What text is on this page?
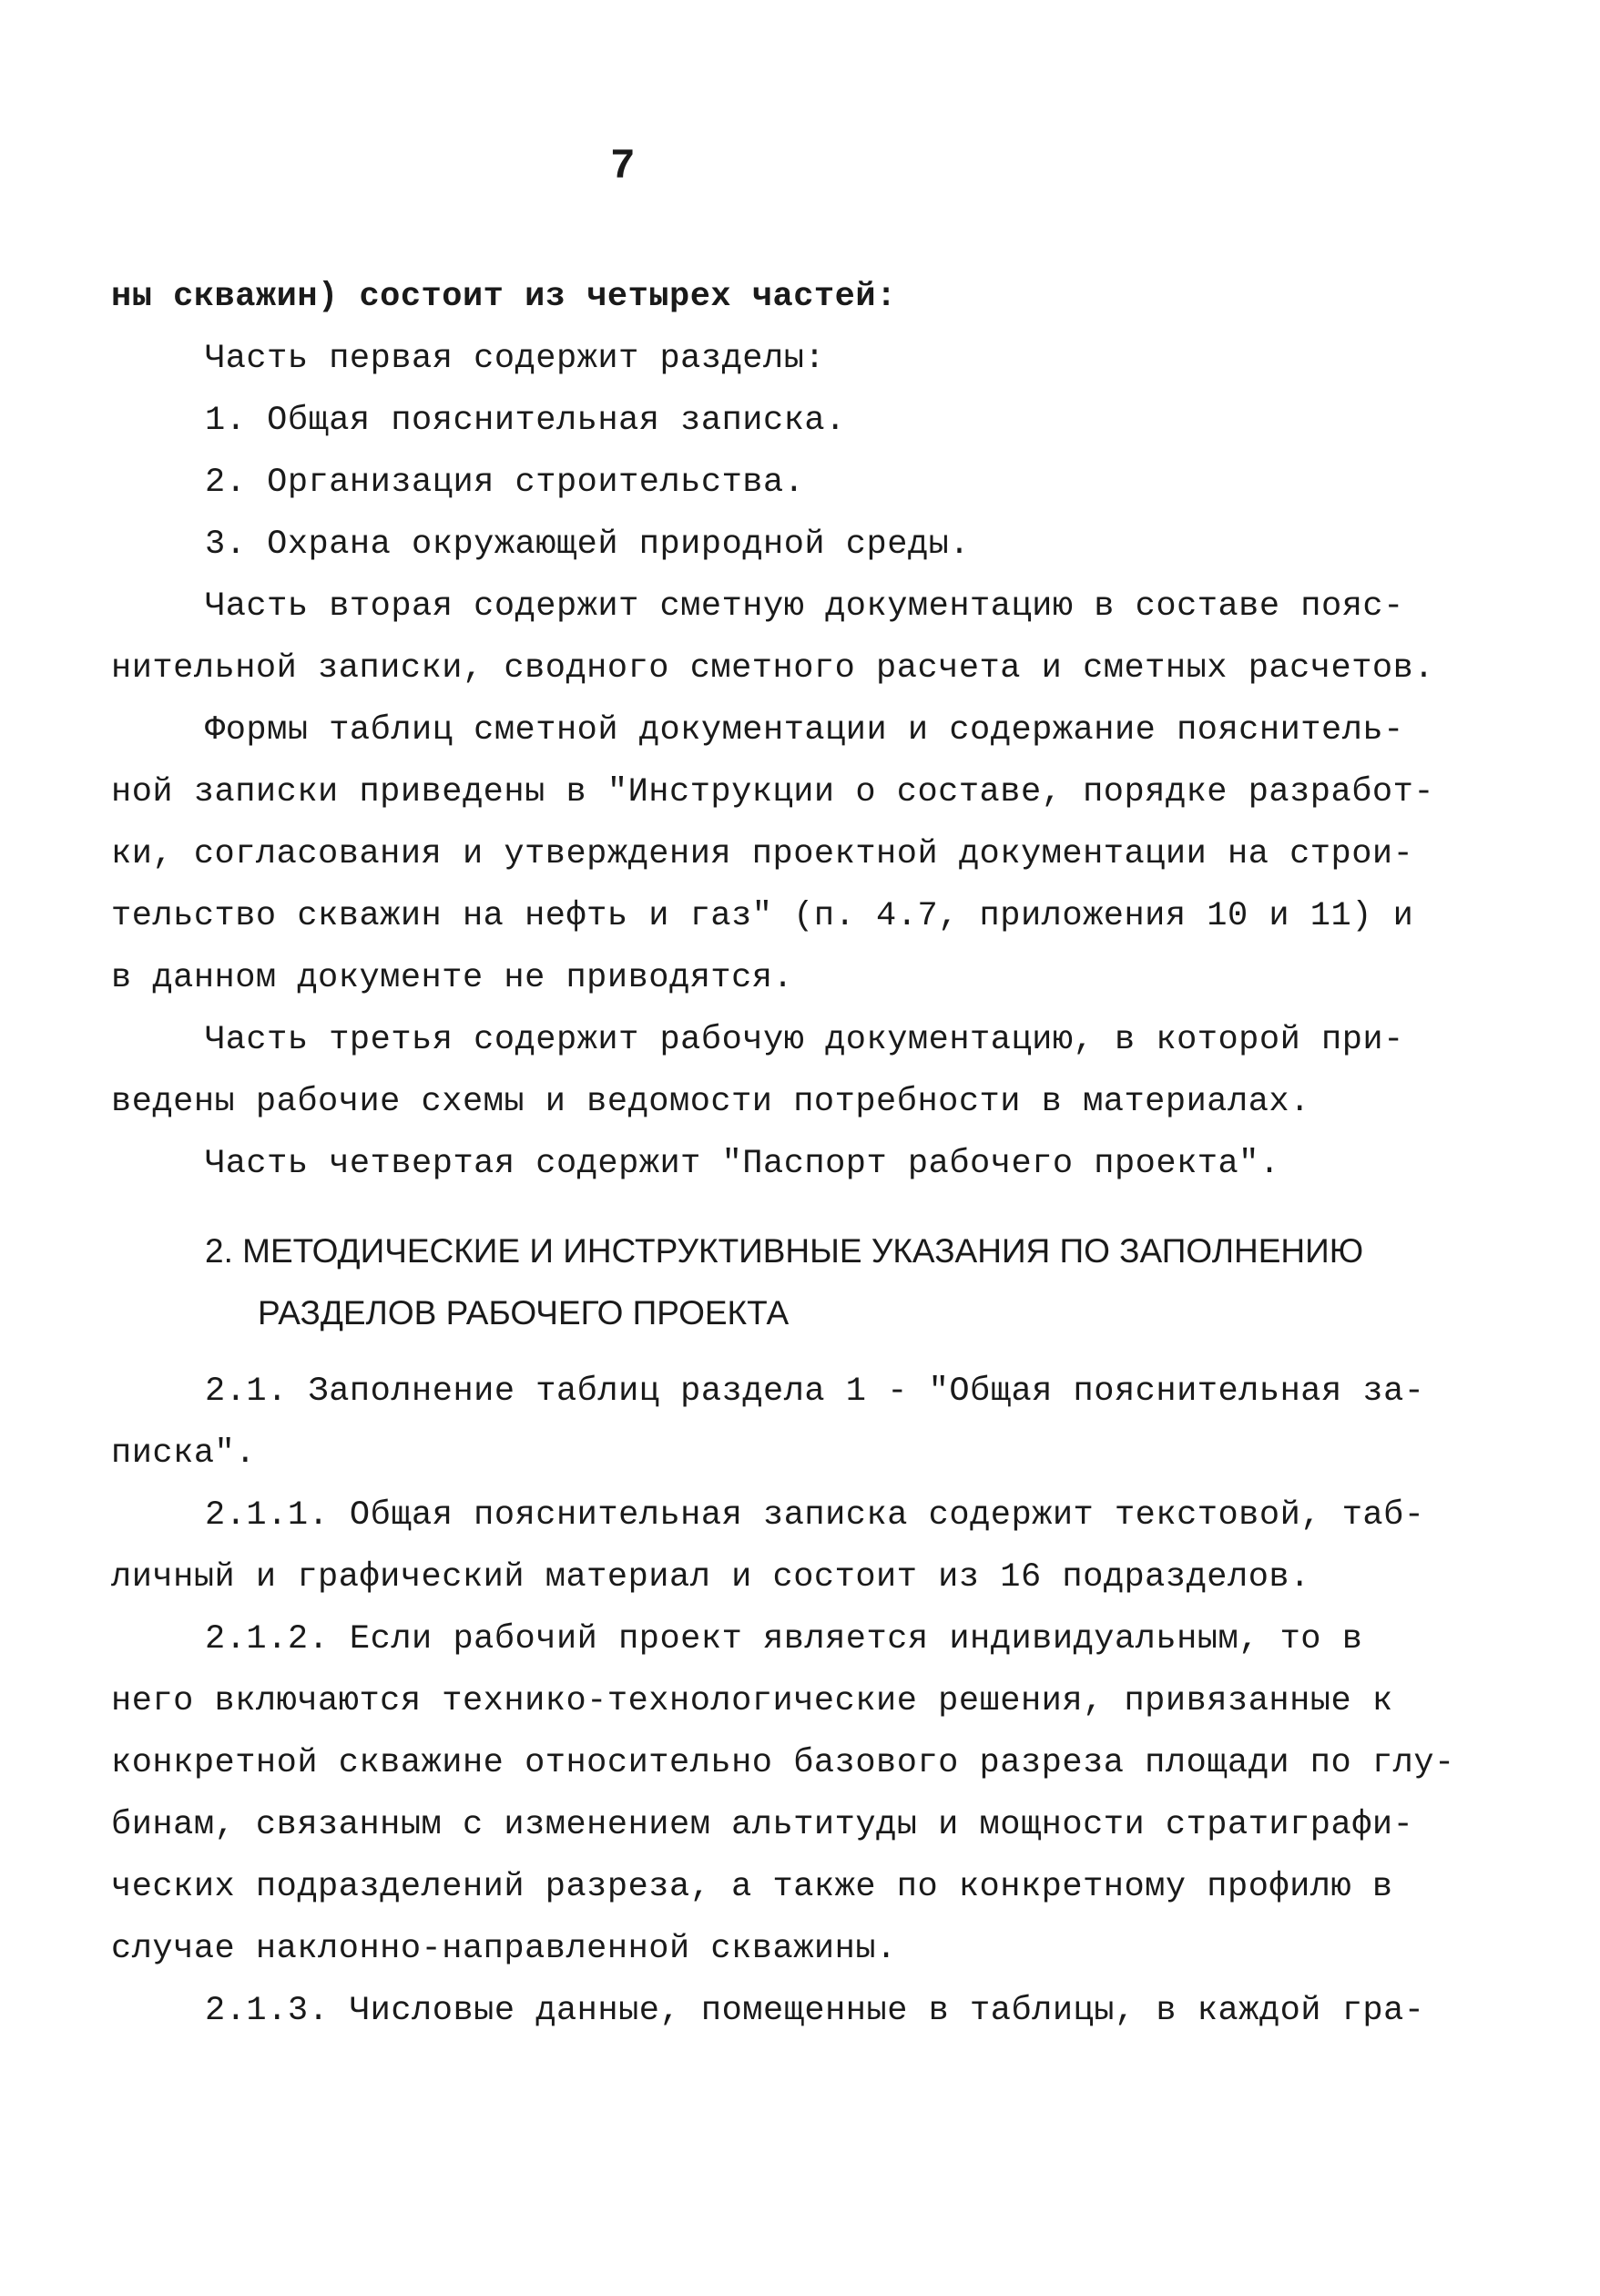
7
ны скважин) состоит из четырех частей:
Часть первая содержит разделы:
1. Общая пояснительная записка.
2. Организация строительства.
3. Охрана окружающей природной среды.
Часть вторая содержит сметную документацию в составе пояс-
нительной записки, сводного сметного расчета и сметных расчетов.
Формы таблиц сметной документации и содержание пояснитель-
ной записки приведены в "Инструкции о составе, порядке разработ-
ки, согласования и утверждения проектной документации на строи-
тельство скважин на нефть и газ" (п. 4.7, приложения 10 и 11) и
в данном документе не приводятся.
Часть третья содержит рабочую документацию, в которой при-
ведены рабочие схемы и ведомости потребности в материалах.
Часть четвертая содержит "Паспорт рабочего проекта".
2. МЕТОДИЧЕСКИЕ И ИНСТРУКТИВНЫЕ УКАЗАНИЯ ПО ЗАПОЛНЕНИЮ
РАЗДЕЛОВ РАБОЧЕГО ПРОЕКТА
2.1. Заполнение таблиц раздела 1 - "Общая пояснительная за-
писка".
2.1.1. Общая пояснительная записка содержит текстовой, таб-
личный и графический материал и состоит из 16 подразделов.
2.1.2. Если рабочий проект является индивидуальным, то в
него включаются технико-технологические решения, привязанные к
конкретной скважине относительно базового разреза площади по глу-
бинам, связанным с изменением альтитуды и мощности стратиграфи-
ческих подразделений разреза, а также по конкретному профилю в
случае наклонно-направленной скважины.
2.1.3. Числовые данные, помещенные в таблицы, в каждой гра-
